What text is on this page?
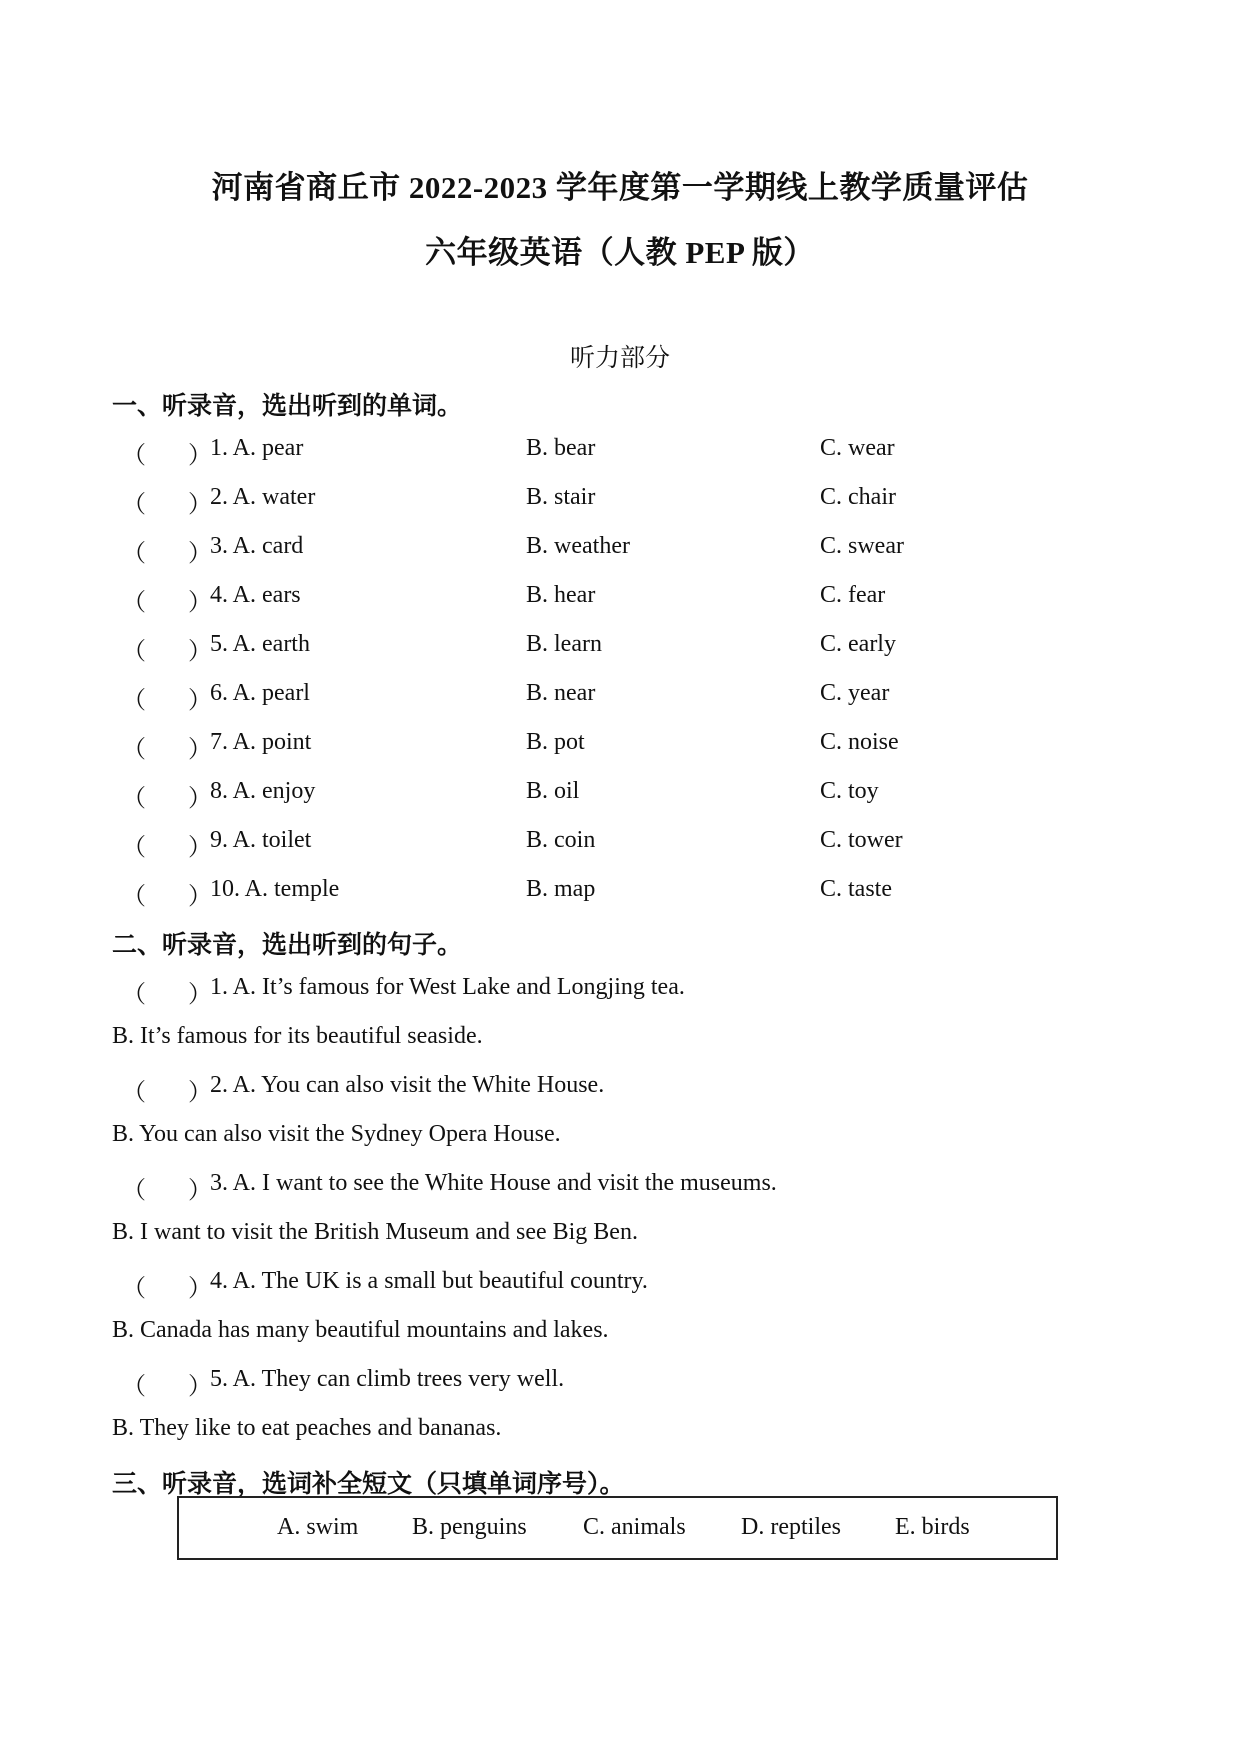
河南省商丘市 2022-2023 学年度第一学期线上教学质量评估
六年级英语（人教 PEP 版）
听力部分
一、听录音，选出听到的单词。
（ ）
1. A. pear	B. bear	C. wear
（ ）
2. A. water	B. stair	C. chair
（ ）
3. A. card	B. weather	C. swear
（ ）
4. A. ears	B. hear	C. fear
（ ）
5. A. earth	B. learn	C. early
（ ）
6. A. pearl	B. near	C. year
（ ）
7. A. point	B. pot	C. noise
（ ）
8. A. enjoy	B. oil	C. toy
（ ）
9. A. toilet	B. coin	C. tower
（ ）
10. A. temple	B. map	C. taste
二、听录音，选出听到的句子。
（ ）
1. A. It’s famous for West Lake and Longjing tea.
B. It’s famous for its beautiful seaside.
（ ）
2. A. You can also visit the White House.
B. You can also visit the Sydney Opera House.
（ ）
3. A. I want to see the White House and visit the museums.
B. I want to visit the British Museum and see Big Ben.
（ ）
4. A. The UK is a small but beautiful country.
B. Canada has many beautiful mountains and lakes.
（ ）
5. A. They can climb trees very well.
B. They like to eat peaches and bananas.
三、听录音，选词补全短文（只填单词序号）。
A. swim B. penguins C. animals D. reptiles E. birds
